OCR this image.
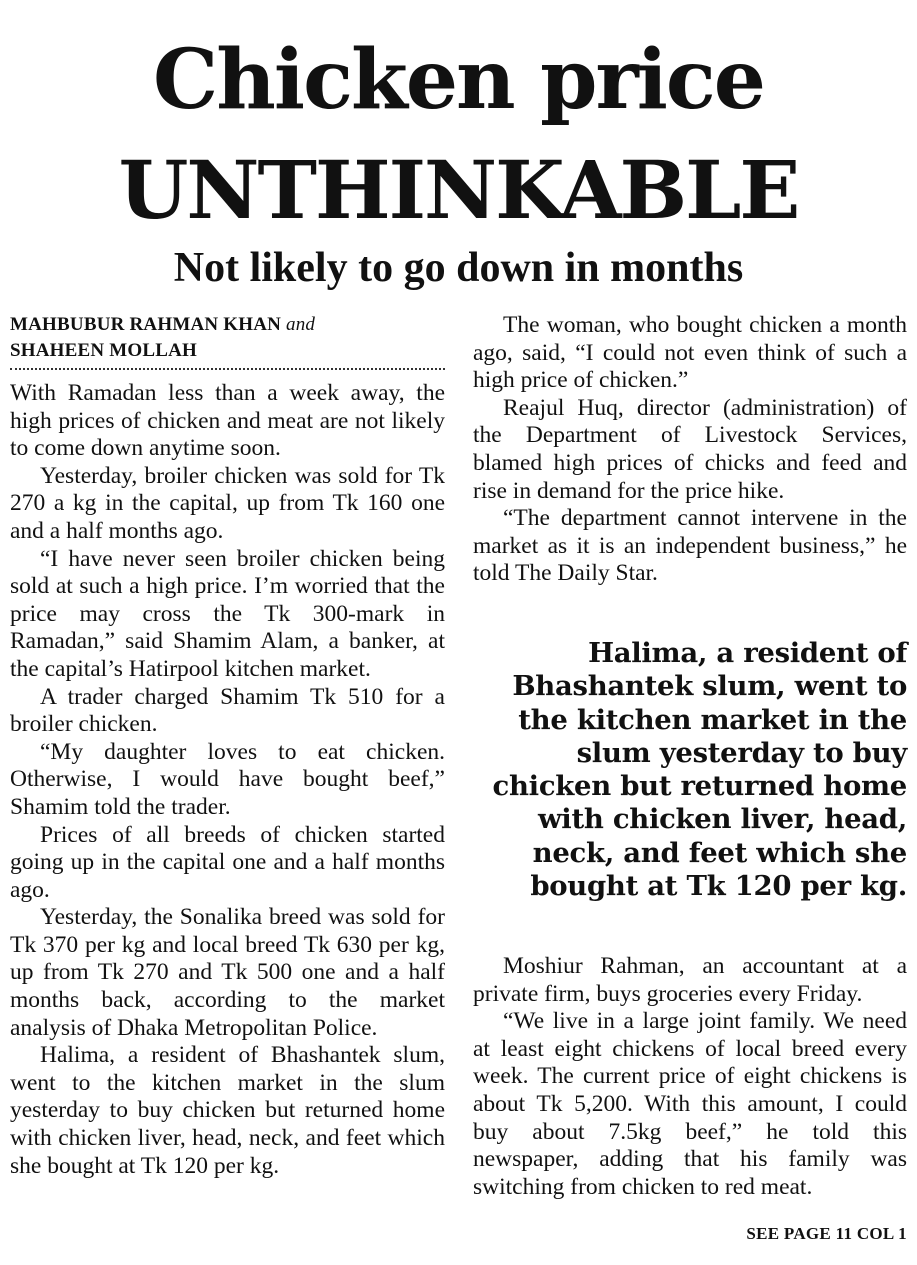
Chicken price
UNTHINKABLE
Not likely to go down in months
MAHBUBUR RAHMAN KHAN and
SHAHEEN MOLLAH

With Ramadan less than a week away, the high prices of chicken and meat are not likely to come down anytime soon.

Yesterday, broiler chicken was sold for Tk 270 a kg in the capital, up from Tk 160 one and a half months ago.

“I have never seen broiler chicken being sold at such a high price. I’m worried that the price may cross the Tk 300-mark in Ramadan,” said Shamim Alam, a banker, at the capital’s Hatirpool kitchen market.

A trader charged Shamim Tk 510 for a broiler chicken.

“My daughter loves to eat chicken. Otherwise, I would have bought beef,” Shamim told the trader.

Prices of all breeds of chicken started going up in the capital one and a half months ago.

Yesterday, the Sonalika breed was sold for Tk 370 per kg and local breed Tk 630 per kg, up from Tk 270 and Tk 500 one and a half months back, according to the market analysis of Dhaka Metropolitan Police.

Halima, a resident of Bhashantek slum, went to the kitchen market in the slum yesterday to buy chicken but returned home with chicken liver, head, neck, and feet which she bought at Tk 120 per kg.

The woman, who bought chicken a month ago, said, “I could not even think of such a high price of chicken.”

Reajul Huq, director (administration) of the Department of Livestock Services, blamed high prices of chicks and feed and rise in demand for the price hike.

“The department cannot intervene in the market as it is an independent business,” he told The Daily Star.

Halima, a resident of Bhashantek slum, went to the kitchen market in the slum yesterday to buy chicken but returned home with chicken liver, head, neck, and feet which she bought at Tk 120 per kg.

Moshiur Rahman, an accountant at a private firm, buys groceries every Friday.

“We live in a large joint family. We need at least eight chickens of local breed every week. The current price of eight chickens is about Tk 5,200. With this amount, I could buy about 7.5kg beef,” he told this newspaper, adding that his family was switching from chicken to red meat.

SEE PAGE 11 COL 1
